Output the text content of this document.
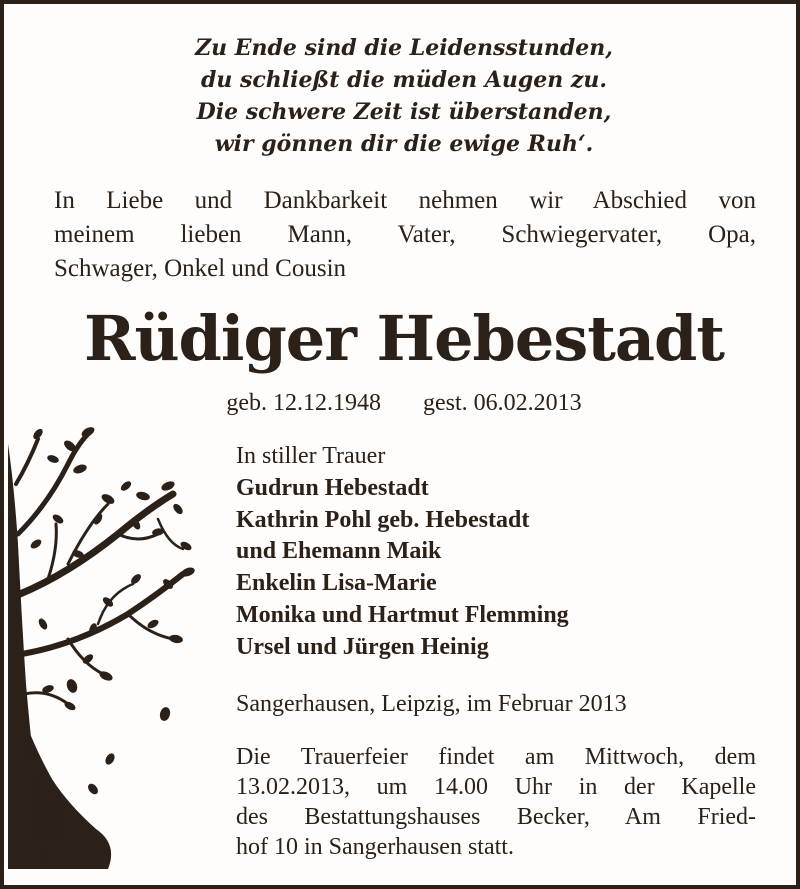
Zu Ende sind die Leidensstunden,
du schließt die müden Augen zu.
Die schwere Zeit ist überstanden,
wir gönnen dir die ewige Ruh‘.
In Liebe und Dankbarkeit nehmen wir Abschied von
meinem lieben Mann, Vater, Schwiegervater, Opa,
Schwager, Onkel und Cousin
Rüdiger Hebestadt
geb. 12.12.1948 gest. 06.02.2013
In stiller Trauer
Gudrun Hebestadt
Kathrin Pohl geb. Hebestadt
und Ehemann Maik
Enkelin Lisa-Marie
Monika und Hartmut Flemming
Ursel und Jürgen Heinig
Sangerhausen, Leipzig, im Februar 2013
Die Trauerfeier findet am Mittwoch, dem
13.02.2013, um 14.00 Uhr in der Kapelle
des Bestattungshauses Becker, Am Fried-
hof 10 in Sangerhausen statt.
